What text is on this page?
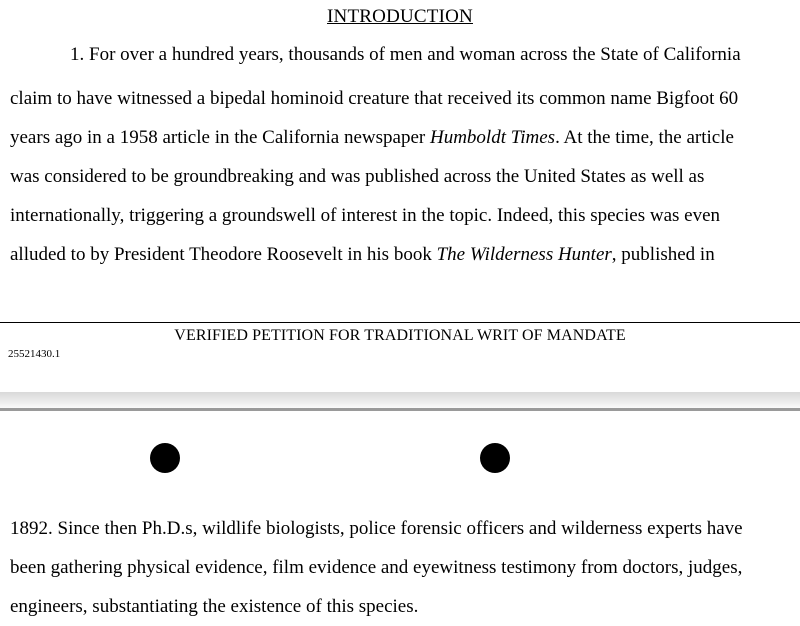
INTRODUCTION
1. For over a hundred years, thousands of men and woman across the State of California
claim to have witnessed a bipedal hominoid creature that received its common name Bigfoot 60
years ago in a 1958 article in the California newspaper Humboldt Times. At the time, the article
was considered to be groundbreaking and was published across the United States as well as
internationally, triggering a groundswell of interest in the topic. Indeed, this species was even
alluded to by President Theodore Roosevelt in his book The Wilderness Hunter, published in
VERIFIED PETITION FOR TRADITIONAL WRIT OF MANDATE
25521430.1
1892. Since then Ph.D.s, wildlife biologists, police forensic officers and wilderness experts have
been gathering physical evidence, film evidence and eyewitness testimony from doctors, judges,
engineers, substantiating the existence of this species.
